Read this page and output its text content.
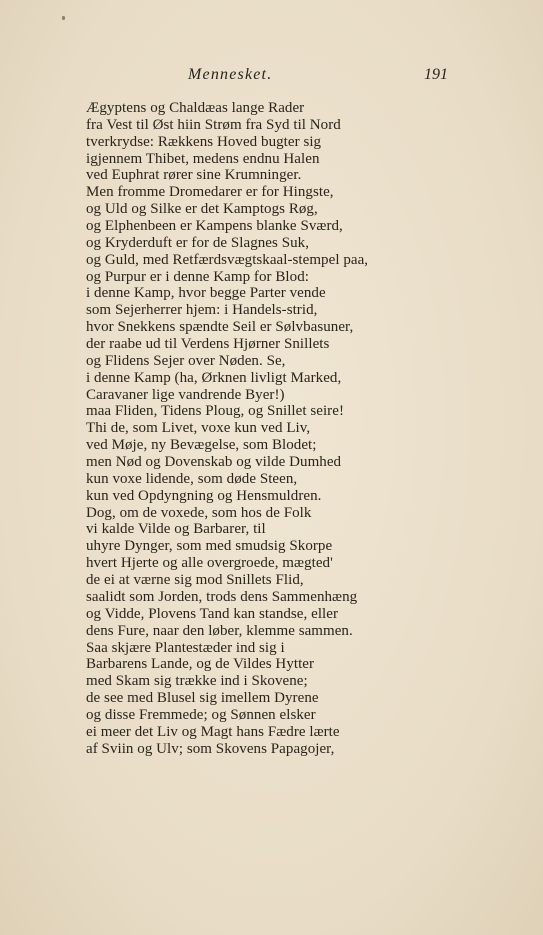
Mennesket.	191
Ægyptens og Chaldæas lange Rader
fra Vest til Øst hiin Strøm fra Syd til Nord
tverkrydse: Rækkens Hoved bugter sig
igjennem Thibet, medens endnu Halen
ved Euphrat rører sine Krumninger.
Men fromme Dromedarer er for Hingste,
og Uld og Silke er det Kamptogs Røg,
og Elphenbeen er Kampens blanke Sværd,
og Kryderduft er for de Slagnes Suk,
og Guld, med Retfærdsvægtskaal-stempel paa,
og Purpur er i denne Kamp for Blod:
i denne Kamp, hvor begge Parter vende
som Sejerherrer hjem: i Handels-strid,
hvor Snekkens spændte Seil er Sølvbasuner,
der raabe ud til Verdens Hjørner Snillets
og Flidens Sejer over Nøden. Se,
i denne Kamp (ha, Ørknen livligt Marked,
Caravaner lige vandrende Byer!)
maa Fliden, Tidens Ploug, og Snillet seire!
Thi de, som Livet, voxe kun ved Liv,
ved Møje, ny Bevægelse, som Blodet;
men Nød og Dovenskab og vilde Dumhed
kun voxe lidende, som døde Steen,
kun ved Opdyngning og Hensmuldren.
Dog, om de voxede, som hos de Folk
vi kalde Vilde og Barbarer, til
uhyre Dynger, som med smudsig Skorpe
hvert Hjerte og alle overgroede, mægted'
de ei at værne sig mod Snillets Flid,
saalidt som Jorden, trods dens Sammenhæng
og Vidde, Plovens Tand kan standse, eller
dens Fure, naar den løber, klemme sammen.
Saa skjære Plantestæder ind sig i
Barbarens Lande, og de Vildes Hytter
med Skam sig trække ind i Skovene;
de see med Blusel sig imellem Dyrene
og disse Fremmede; og Sønnen elsker
ei meer det Liv og Magt hans Fædre lærte
af Sviin og Ulv; som Skovens Papagojer,
